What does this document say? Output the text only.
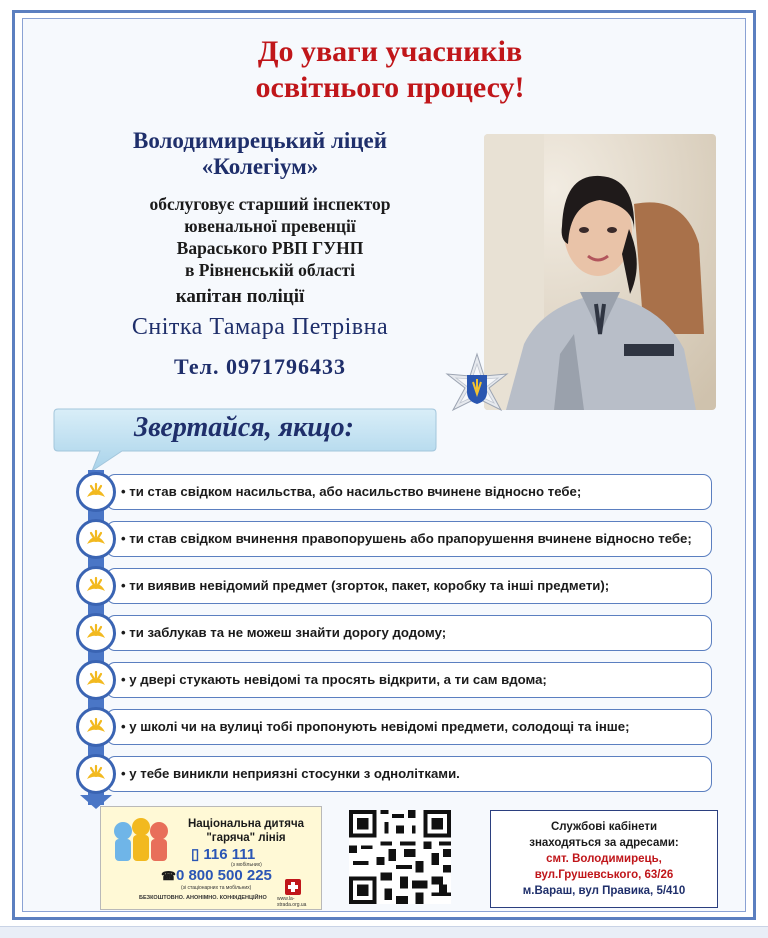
До уваги учасників
освітнього процесу!
Володимирецький ліцей
«Колегіум»
обслуговує старший інспектор
ювенальної превенції
Вараського РВП ГУНП
в Рівненській області
капітан поліції
Снітка Тамара Петрівна
Тел. 0971796433
Звертайся, якщо:
• ти став свідком насильства, або насильство вчинене відносно тебе;
• ти став свідком вчинення правопорушень або прапорушення вчинене відносно тебе;
• ти виявив невідомий предмет (згорток, пакет, коробку та інші предмети);
• ти заблукав та не можеш знайти дорогу додому;
• у двері стукають невідомі та просять відкрити, а ти сам вдома;
• у школі чи на вулиці тобі пропонують невідомі предмети, солодощі та інше;
• у тебе виникли неприязні стосунки з однолітками.
Національна дитяча "гаряча" лінія
▯ 116 111
(з мобільних)
☎0 800 500 225
(зі стаціонарних та мобільних)
БЕЗКОШТОВНО. АНОНІМНО. КОНФІДЕНЦІЙНО www.la-strada.org.ua
Службові кабінети
знаходяться за адресами:
смт. Володимирець,
вул.Грушевського, 63/26
м.Вараш, вул Правика, 5/410
